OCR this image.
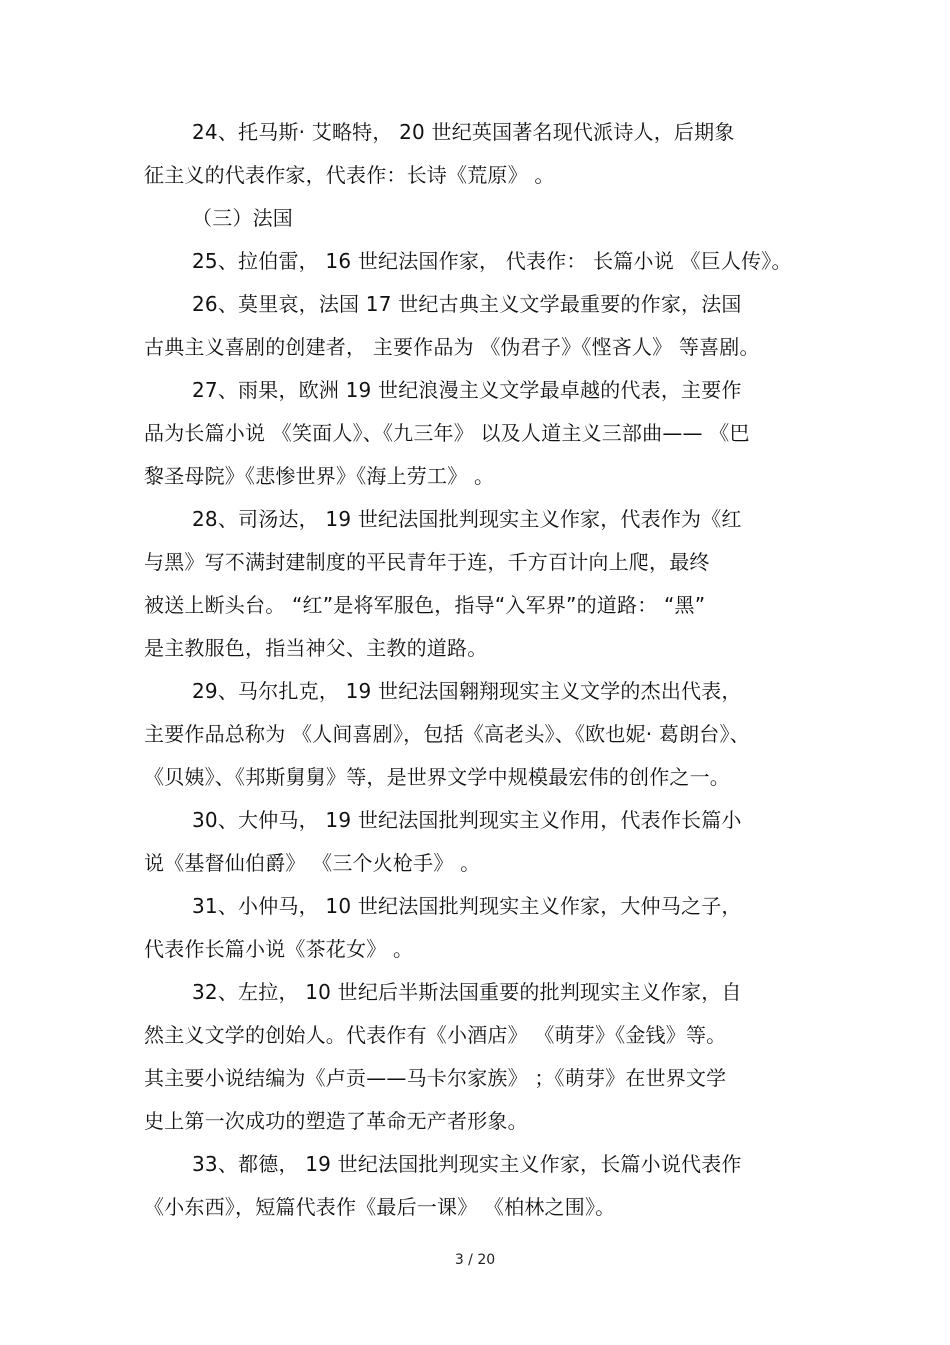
24、托马斯· 艾略特， 20 世纪英国著名现代派诗人，后期象
征主义的代表作家，代表作：长诗《荒原》 。
（三）法国
25、拉伯雷， 16 世纪法国作家， 代表作： 长篇小说 《巨人传》。
26、莫里哀，法国 17 世纪古典主义文学最重要的作家，法国
古典主义喜剧的创建者， 主要作品为 《伪君子》《悭吝人》 等喜剧。
27、雨果，欧洲 19 世纪浪漫主义文学最卓越的代表，主要作
品为长篇小说 《笑面人》、《九三年》 以及人道主义三部曲—— 《巴
黎圣母院》《悲惨世界》《海上劳工》 。
28、司汤达， 19 世纪法国批判现实主义作家，代表作为《红
与黑》写不满封建制度的平民青年于连，千方百计向上爬，最终
被送上断头台。 “红”是将军服色，指导“入军界”的道路： “黑”
是主教服色，指当神父、主教的道路。
29、马尔扎克， 19 世纪法国翱翔现实主义文学的杰出代表，
主要作品总称为 《人间喜剧》，包括《高老头》、《欧也妮· 葛朗台》、
《贝姨》、《邦斯舅舅》等，是世界文学中规模最宏伟的创作之一。
30、大仲马， 19 世纪法国批判现实主义作用，代表作长篇小
说《基督仙伯爵》 《三个火枪手》 。
31、小仲马， 10 世纪法国批判现实主义作家，大仲马之子，
代表作长篇小说《茶花女》 。
32、左拉， 10 世纪后半斯法国重要的批判现实主义作家，自
然主义文学的创始人。代表作有《小酒店》 《萌芽》《金钱》等。
其主要小说结编为《卢贡——马卡尔家族》 ；《萌芽》在世界文学
史上第一次成功的塑造了革命无产者形象。
33、都德， 19 世纪法国批判现实主义作家，长篇小说代表作
《小东西》，短篇代表作《最后一课》 《柏林之围》。
3 / 20
